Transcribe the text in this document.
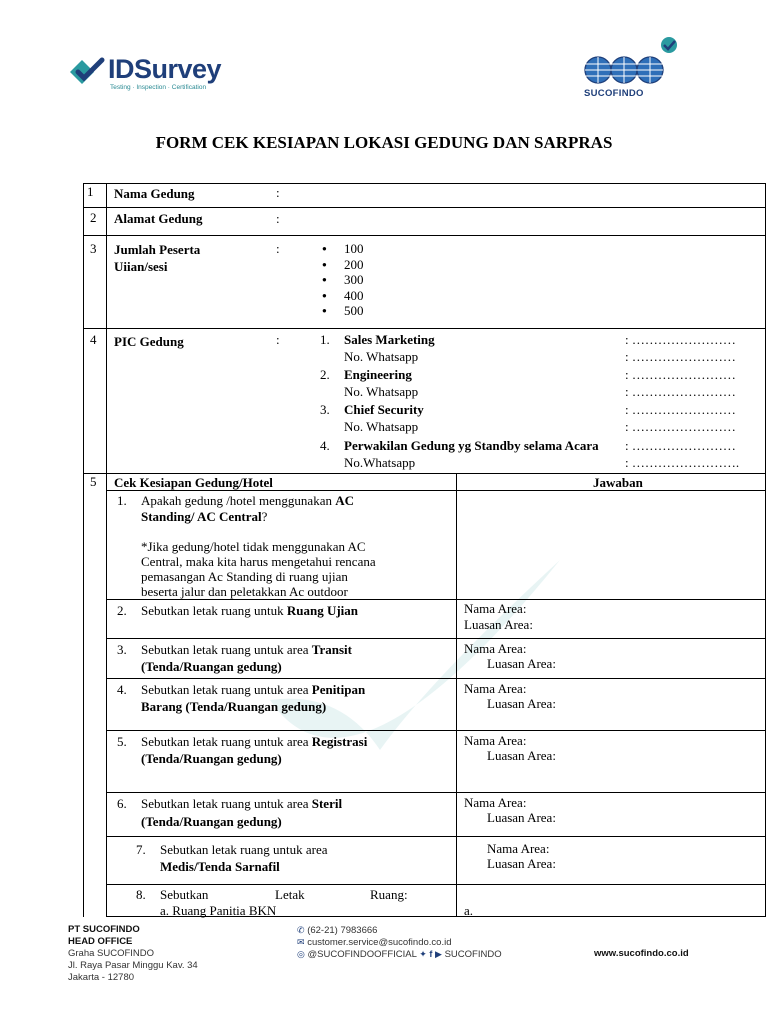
IDSurvey
Testing · Inspection · Certification
SUCOFINDO
FORM CEK KESIAPAN LOKASI GEDUNG DAN SARPRAS
1 Nama Gedung	:
2 Alamat Gedung	:
3 Jumlah Peserta
Uiian/sesi
:	● 100
● 200
● 300
● 400
● 500
4 PIC Gedung	:	1. Sales Marketing	: ……………………
No. Whatsapp	: ……………………
2. Engineering	: ……………………
No. Whatsapp	: ……………………
3. Chief Security	: ……………………
No. Whatsapp	: ……………………
4. Perwakilan Gedung yg Standby selama Acara : ……………………
No.Whatsapp	: …………………….
5 Cek Kesiapan Gedung/Hotel	Jawaban
1. Apakah gedung /hotel menggunakan AC
Standing/ AC Central?
*Jika gedung/hotel tidak menggunakan AC
Central, maka kita harus mengetahui rencana
pemasangan Ac Standing di ruang ujian
beserta jalur dan peletakkan Ac outdoor
2. Sebutkan letak ruang untuk Ruang Ujian	Nama Area:
Luasan Area:
3. Sebutkan letak ruang untuk area Transit
(Tenda/Ruangan gedung)
Nama Area:
Luasan Area:
4. Sebutkan letak ruang untuk area Penitipan
Barang (Tenda/Ruangan gedung)
Nama Area:
Luasan Area:
5. Sebutkan letak ruang untuk area Registrasi
(Tenda/Ruangan gedung)
Nama Area:
Luasan Area:
6. Sebutkan letak ruang untuk area Steril
(Tenda/Ruangan gedung)
Nama Area:
Luasan Area:
7. Sebutkan letak ruang untuk area
Medis/Tenda Sarnafil
Nama Area:
Luasan Area:
8. Sebutkan	Letak	Ruang:
a. Ruang Panitia BKN	a.
PT SUCOFINDO
HEAD OFFICE
Graha SUCOFINDO
Jl. Raya Pasar Minggu Kav. 34
Jakarta - 12780
✆ (62-21) 7983666
✉ customer.service@sucofindo.co.id
◎ @SUCOFINDOOFFICIAL ✦ f ▶ SUCOFINDO	www.sucofindo.co.id
